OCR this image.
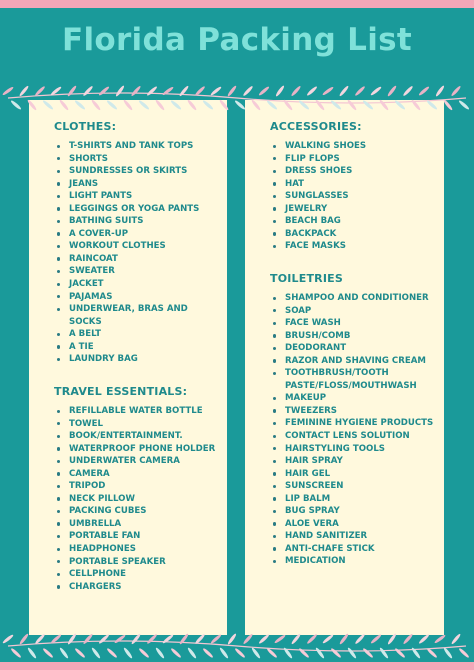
Florida Packing List
CLOTHES:
T-SHIRTS AND TANK TOPS
SHORTS
SUNDRESSES OR SKIRTS
JEANS
LIGHT PANTS
LEGGINGS OR YOGA PANTS
BATHING SUITS
A COVER-UP
WORKOUT CLOTHES
RAINCOAT
SWEATER
JACKET
PAJAMAS
UNDERWEAR, BRAS AND SOCKS
A BELT
A TIE
LAUNDRY BAG
TRAVEL ESSENTIALS:
REFILLABLE WATER BOTTLE
TOWEL
BOOK/ENTERTAINMENT.
WATERPROOF PHONE HOLDER
UNDERWATER CAMERA
CAMERA
TRIPOD
NECK PILLOW
PACKING CUBES
UMBRELLA
PORTABLE FAN
HEADPHONES
PORTABLE SPEAKER
CELLPHONE
CHARGERS
ACCESSORIES:
WALKING SHOES
FLIP FLOPS
DRESS SHOES
HAT
SUNGLASSES
JEWELRY
BEACH BAG
BACKPACK
FACE MASKS
TOILETRIES
SHAMPOO AND CONDITIONER
SOAP
FACE WASH
BRUSH/COMB
DEODORANT
RAZOR AND SHAVING CREAM
TOOTHBRUSH/TOOTH PASTE/FLOSS/MOUTHWASH
MAKEUP
TWEEZERS
FEMININE HYGIENE PRODUCTS
CONTACT LENS SOLUTION
HAIRSTYLING TOOLS
HAIR SPRAY
HAIR GEL
SUNSCREEN
LIP BALM
BUG SPRAY
ALOE VERA
HAND SANITIZER
ANTI-CHAFE STICK
MEDICATION
